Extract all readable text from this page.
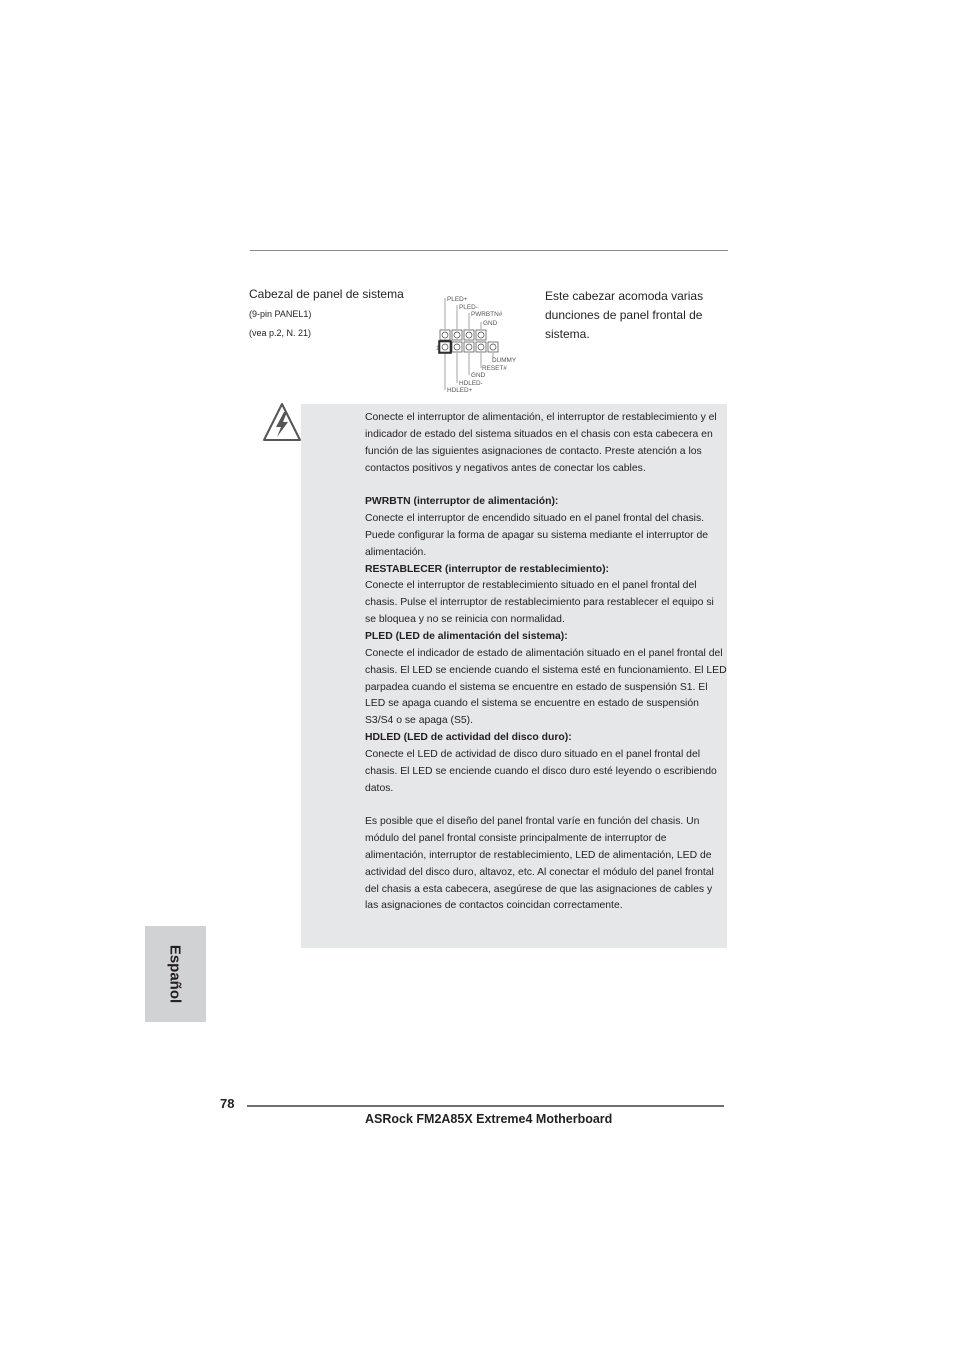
Cabezal de panel de sistema
(9-pin PANEL1)
(vea p.2, N. 21)
Este cabezar acomoda varias dunciones de panel frontal de sistema.
1
PLED+
PLED-
PWRBTN#
GND
DUMMY
RESET#
GND
HDLED-
HDLED+

Conecte el interruptor de alimentación, el interruptor de restablecimiento y el indicador de estado del sistema situados en el chasis con esta cabecera en función de las siguientes asignaciones de contacto. Preste atención a los contactos positivos y negativos antes de conectar los cables.

PWRBTN (interruptor de alimentación):

Conecte el interruptor de encendido situado en el panel frontal del chasis. Puede configurar la forma de apagar su sistema mediante el interruptor de alimentación.

RESTABLECER (interruptor de restablecimiento):

Conecte el interruptor de restablecimiento situado en el panel frontal del chasis. Pulse el interruptor de restablecimiento para restablecer el equipo si se bloquea y no se reinicia con normalidad.

PLED (LED de alimentación del sistema):

Conecte el indicador de estado de alimentación situado en el panel frontal del chasis. El LED se enciende cuando el sistema esté en funcionamiento. El LED parpadea cuando el sistema se encuentre en estado de suspensión S1. El LED se apaga cuando el sistema se encuentre en estado de suspensión S3/S4 o se apaga (S5).

HDLED (LED de actividad del disco duro):

Conecte el LED de actividad de disco duro situado en el panel frontal del chasis. El LED se enciende cuando el disco duro esté leyendo o escribiendo datos.

Es posible que el diseño del panel frontal varíe en función del chasis. Un módulo del panel frontal consiste principalmente de interruptor de alimentación, interruptor de restablecimiento, LED de alimentación, LED de actividad del disco duro, altavoz, etc. Al conectar el módulo del panel frontal del chasis a esta cabecera, asegúrese de que las asignaciones de cables y las asignaciones de contactos coincidan correctamente.

Español
78
ASRock FM2A85X Extreme4 Motherboard
